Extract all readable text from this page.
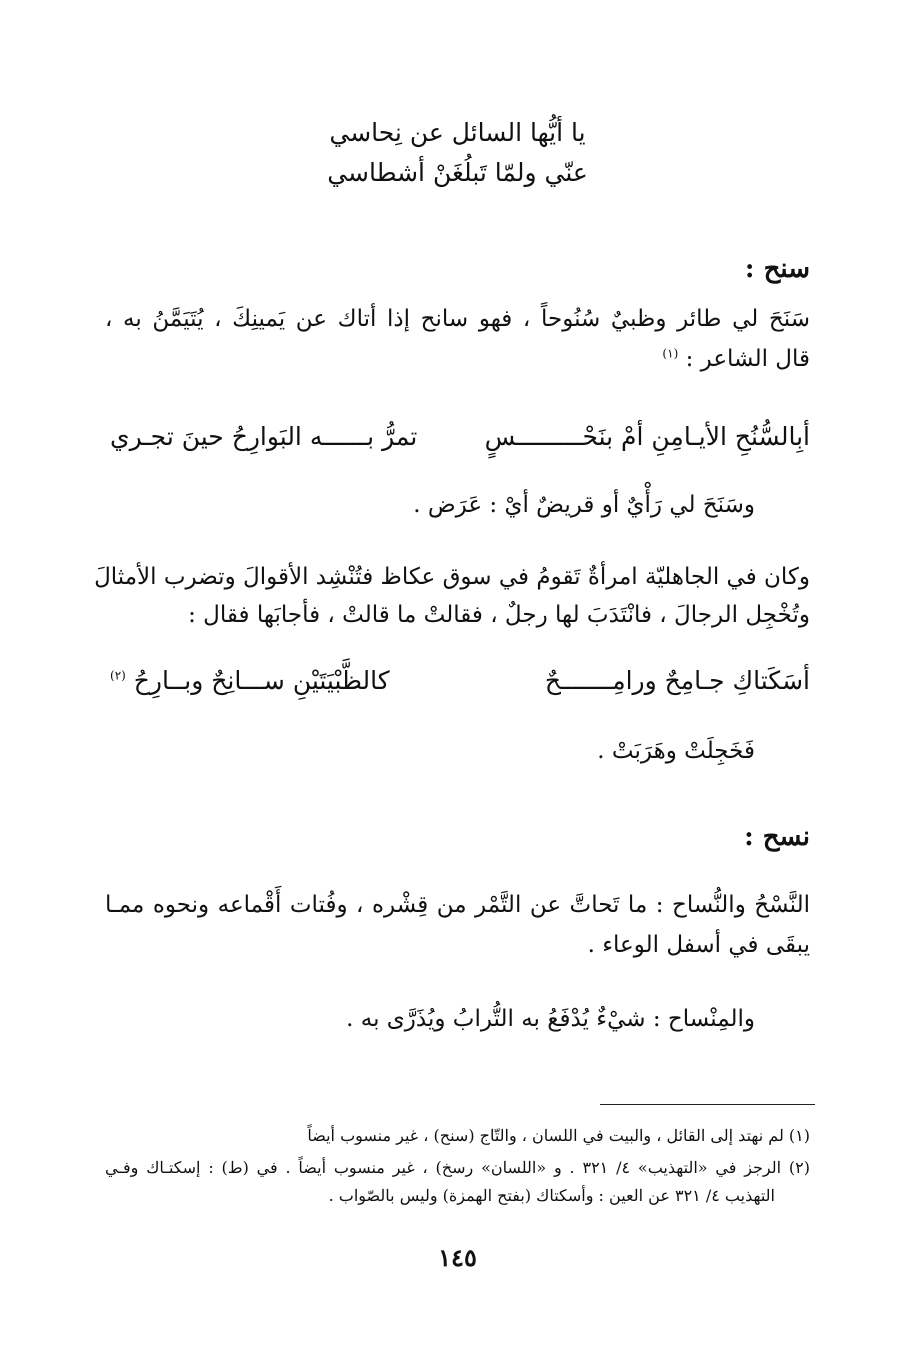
يا أيُّها السائل عن نِحاسي
عنّي ولمّا تَبلُغَنْ أشطاسي
سنح :
سَنَحَ لي طائر وظبيٌ سُنُوحاً ، فهو سانح إذا أتاك عن يَمينِكَ ، يُتَيَمَّنُ به ،
قال الشاعر : $^{(١)}$
أبِالسُّنُحِ الأيـامِنِ أمْ بنَحْـــــــــسٍ
تمرُّ بــــــه البَوارِحُ حينَ تجـري
وسَنَحَ لي رَأْيٌ أو قريضٌ أيْ : عَرَض .
وكان في الجاهليّة امرأةٌ تَقومُ في سوق عكاظ فتُنْشِد الأقوالَ وتضرب الأمثالَ
وتُخْجِل الرجالَ ، فانْتَدَبَ لها رجلٌ ، فقالتْ ما قالتْ ، فأجابَها فقال :
أسَكَتاكِ جـامِحٌ ورامِـــــــحٌ
كالظَّبْيَتَيْنِ ســـانِحٌ وبــارِحُ $^{(٢)}$
فَخَجِلَتْ وهَرَبَتْ .
نسح :
النَّسْحُ والنُّساح : ما تَحاتَّ عن التَّمْر من قِشْره ، وفُتات أَقْماعه ونحوه ممـا
يبقَى في أسفل الوعاء .
والمِنْساح : شيْءٌ يُدْفَعُ به التُّرابُ ويُذَرَّى به .
(١) لم نهتد إلى القائل ، والبيت في اللسان ، والتّاج (سنح) ، غير منسوب أيضاً
(٢) الرجز في «التهذيب» ٤/ ٣٢١ . و «اللسان» رسخ) ، غير منسوب أيضاً . في (ط) : إسكتـاك وفـي
التهذيب ٤/ ٣٢١ عن العين : وأسكتاك (بفتح الهمزة) وليس بالصّواب .
١٤٥
